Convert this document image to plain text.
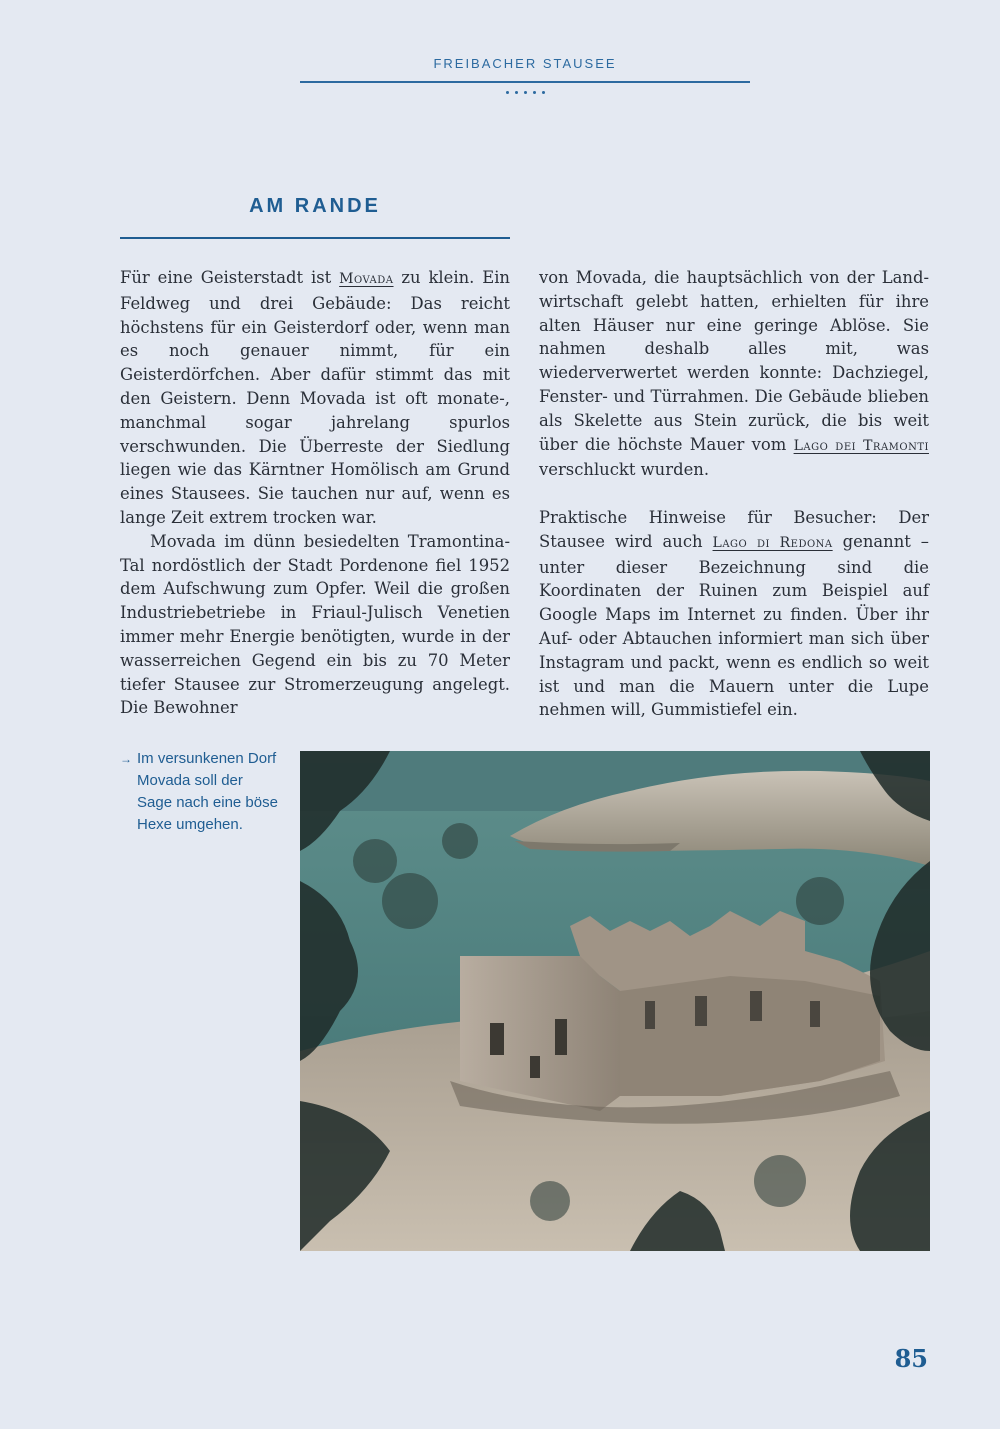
FREIBACHER STAUSEE
AM RANDE

Für eine Geisterstadt ist Movada zu klein. Ein Feldweg und drei Gebäude: Das reicht höchstens für ein Geisterdorf oder, wenn man es noch genauer nimmt, für ein Geisterdörfchen. Aber dafür stimmt das mit den Geistern. Denn Movada ist oft monate-, manchmal sogar jahrelang spurlos verschwunden. Die Überreste der Siedlung liegen wie das Kärntner Homölisch am Grund eines Stausees. Sie tauchen nur auf, wenn es lange Zeit extrem trocken war.

Movada im dünn besiedelten Tramontina-Tal nordöstlich der Stadt Pordenone fiel 1952 dem Aufschwung zum Opfer. Weil die großen Industriebetriebe in Friaul-Julisch Venetien immer mehr Energie benötigten, wurde in der wasserreichen Gegend ein bis zu 70 Meter tiefer Stausee zur Stromerzeugung angelegt. Die Bewohner

von Movada, die hauptsächlich von der Landwirtschaft gelebt hatten, erhielten für ihre alten Häuser nur eine geringe Ablöse. Sie nahmen deshalb alles mit, was wiederverwertet werden konnte: Dachziegel, Fenster- und Türrahmen. Die Gebäude blieben als Skelette aus Stein zurück, die bis weit über die höchste Mauer vom Lago dei Tramonti verschluckt wurden.

Praktische Hinweise für Besucher: Der Stausee wird auch Lago di Redona genannt – unter dieser Bezeichnung sind die Koordinaten der Ruinen zum Beispiel auf Google Maps im Internet zu finden. Über ihr Auf- oder Abtauchen informiert man sich über Instagram und packt, wenn es endlich so weit ist und man die Mauern unter die Lupe nehmen will, Gummistiefel ein.

→ Im versunkenen Dorf Movada soll der Sage nach eine böse Hexe umgehen.
85
